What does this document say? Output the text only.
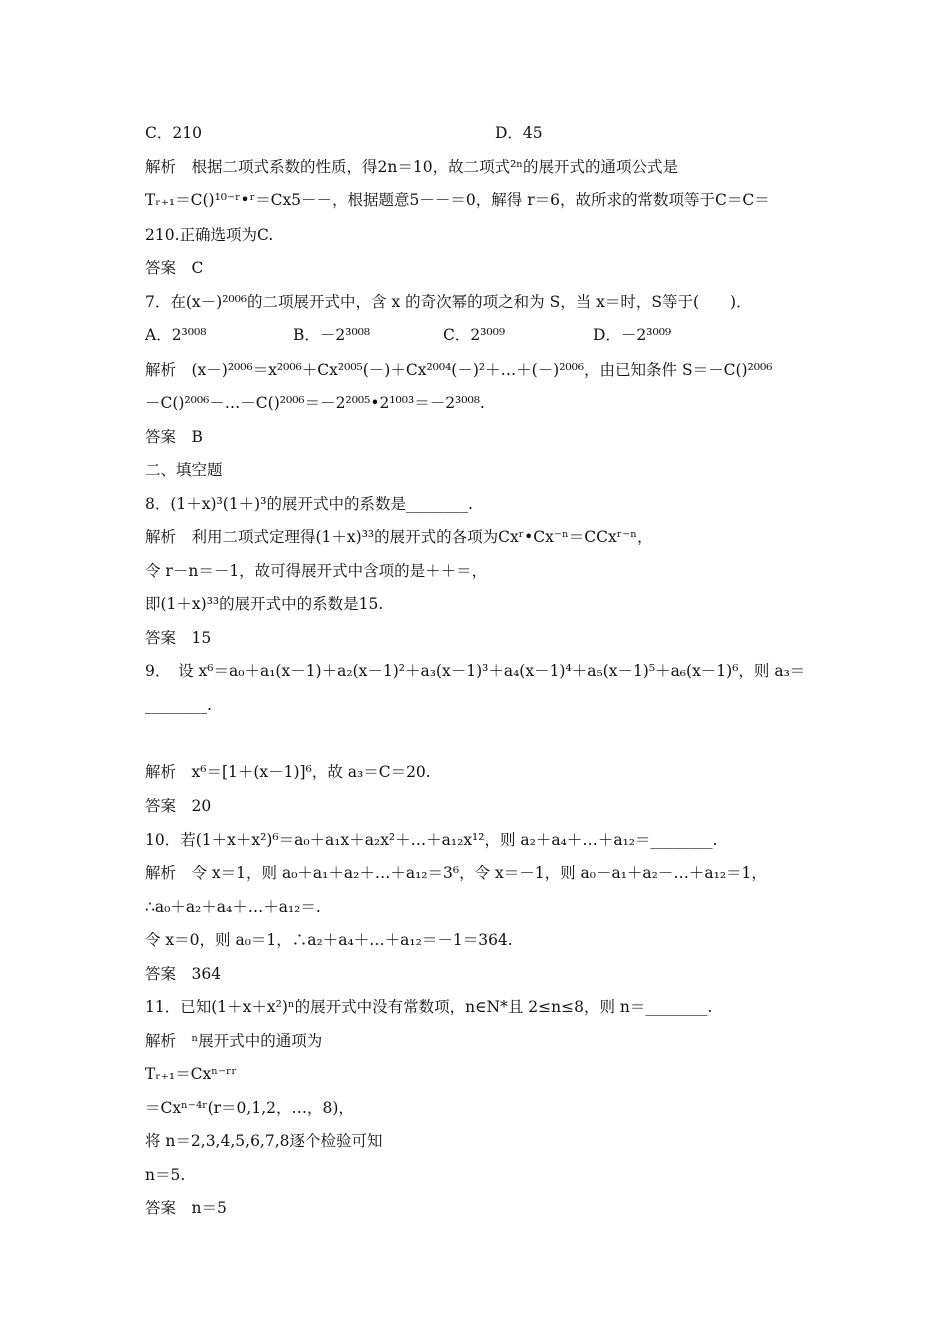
C．210	D．45
解析　根据二项式系数的性质，得2n＝10，故二项式²ⁿ的展开式的通项公式是
Tᵣ₊₁＝C()¹⁰⁻ʳ•ʳ＝Cx5－－，根据题意5－－＝0，解得 r＝6，故所求的常数项等于C＝C＝
210.正确选项为C.
答案　C
7．在(x－)²⁰⁰⁶的二项展开式中，含 x 的奇次幂的项之和为 S，当 x＝时，S等于(　　)．
A．2³⁰⁰⁸	B．－2³⁰⁰⁸	C．2³⁰⁰⁹	D．－2³⁰⁰⁹
解析　(x－)²⁰⁰⁶＝x²⁰⁰⁶＋Cx²⁰⁰⁵(－)＋Cx²⁰⁰⁴(－)²＋…＋(－)²⁰⁰⁶，由已知条件 S＝－C()²⁰⁰⁶
－C()²⁰⁰⁶－…－C()²⁰⁰⁶＝－2²⁰⁰⁵•2¹⁰⁰³＝－2³⁰⁰⁸.
答案　B
二、填空题
8．(1＋x)³(1＋)³的展开式中的系数是________.
解析　利用二项式定理得(1＋x)³³的展开式的各项为Cxʳ•Cx⁻ⁿ＝CCxʳ⁻ⁿ，
令 r－n＝－1，故可得展开式中含项的是＋＋＝，
即(1＋x)³³的展开式中的系数是15.
答案　15
9．　设 x⁶＝a₀＋a₁(x－1)＋a₂(x－1)²＋a₃(x－1)³＋a₄(x－1)⁴＋a₅(x－1)⁵＋a₆(x－1)⁶，则 a₃＝
________.
解析　x⁶＝[1＋(x－1)]⁶，故 a₃＝C＝20.
答案　20
10．若(1＋x＋x²)⁶＝a₀＋a₁x＋a₂x²＋…＋a₁₂x¹²，则 a₂＋a₄＋…＋a₁₂＝________.
解析　令 x＝1，则 a₀＋a₁＋a₂＋…＋a₁₂＝3⁶，令 x＝－1，则 a₀－a₁＋a₂－…＋a₁₂＝1，
∴a₀＋a₂＋a₄＋…＋a₁₂＝.
令 x＝0，则 a₀＝1，∴a₂＋a₄＋…＋a₁₂＝－1＝364.
答案　364
11．已知(1＋x＋x²)ⁿ的展开式中没有常数项，n∈N*且 2≤n≤8，则 n＝________.
解析　ⁿ展开式中的通项为
Tᵣ₊₁＝Cxⁿ⁻ʳʳ
＝Cxⁿ⁻⁴ʳ(r＝0,1,2，…，8)，
将 n＝2,3,4,5,6,7,8逐个检验可知
n＝5.
答案　n＝5
